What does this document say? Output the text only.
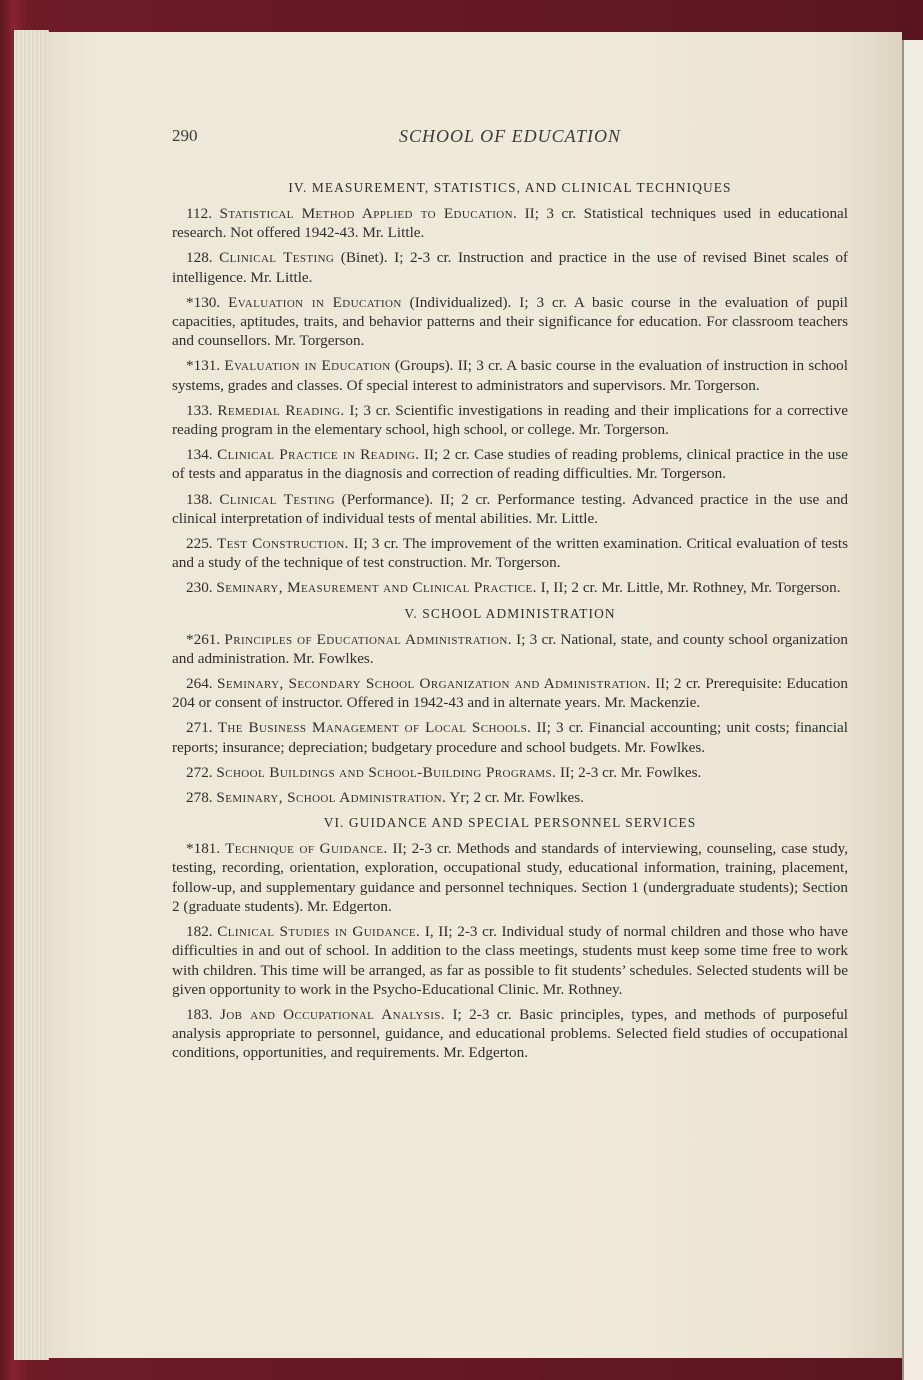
290	SCHOOL OF EDUCATION
IV. MEASUREMENT, STATISTICS, AND CLINICAL TECHNIQUES

112. Statistical Method Applied to Education. II; 3 cr. Statistical techniques used in educational research. Not offered 1942-43. Mr. Little.

128. Clinical Testing (Binet). I; 2-3 cr. Instruction and practice in the use of revised Binet scales of intelligence. Mr. Little.

*130. Evaluation in Education (Individualized). I; 3 cr. A basic course in the evaluation of pupil capacities, aptitudes, traits, and behavior patterns and their significance for education. For classroom teachers and counsellors. Mr. Torgerson.

*131. Evaluation in Education (Groups). II; 3 cr. A basic course in the evaluation of instruction in school systems, grades and classes. Of special interest to administrators and supervisors. Mr. Torgerson.

133. Remedial Reading. I; 3 cr. Scientific investigations in reading and their implications for a corrective reading program in the elementary school, high school, or college. Mr. Torgerson.

134. Clinical Practice in Reading. II; 2 cr. Case studies of reading problems, clinical practice in the use of tests and apparatus in the diagnosis and correction of reading difficulties. Mr. Torgerson.

138. Clinical Testing (Performance). II; 2 cr. Performance testing. Advanced practice in the use and clinical interpretation of individual tests of mental abilities. Mr. Little.

225. Test Construction. II; 3 cr. The improvement of the written examination. Critical evaluation of tests and a study of the technique of test construction. Mr. Torgerson.

230. Seminary, Measurement and Clinical Practice. I, II; 2 cr. Mr. Little, Mr. Rothney, Mr. Torgerson.

V. SCHOOL ADMINISTRATION

*261. Principles of Educational Administration. I; 3 cr. National, state, and county school organization and administration. Mr. Fowlkes.

264. Seminary, Secondary School Organization and Administration. II; 2 cr. Prerequisite: Education 204 or consent of instructor. Offered in 1942-43 and in alternate years. Mr. Mackenzie.

271. The Business Management of Local Schools. II; 3 cr. Financial accounting; unit costs; financial reports; insurance; depreciation; budgetary procedure and school budgets. Mr. Fowlkes.

272. School Buildings and School-Building Programs. II; 2-3 cr. Mr. Fowlkes.

278. Seminary, School Administration. Yr; 2 cr. Mr. Fowlkes.

VI. GUIDANCE AND SPECIAL PERSONNEL SERVICES

*181. Technique of Guidance. II; 2-3 cr. Methods and standards of interviewing, counseling, case study, testing, recording, orientation, exploration, occupational study, educational information, training, placement, follow-up, and supplementary guidance and personnel techniques. Section 1 (undergraduate students); Section 2 (graduate students). Mr. Edgerton.

182. Clinical Studies in Guidance. I, II; 2-3 cr. Individual study of normal children and those who have difficulties in and out of school. In addition to the class meetings, students must keep some time free to work with children. This time will be arranged, as far as possible to fit students’ schedules. Selected students will be given opportunity to work in the Psycho-Educational Clinic. Mr. Rothney.

183. Job and Occupational Analysis. I; 2-3 cr. Basic principles, types, and methods of purposeful analysis appropriate to personnel, guidance, and educational problems. Selected field studies of occupational conditions, opportunities, and requirements. Mr. Edgerton.
